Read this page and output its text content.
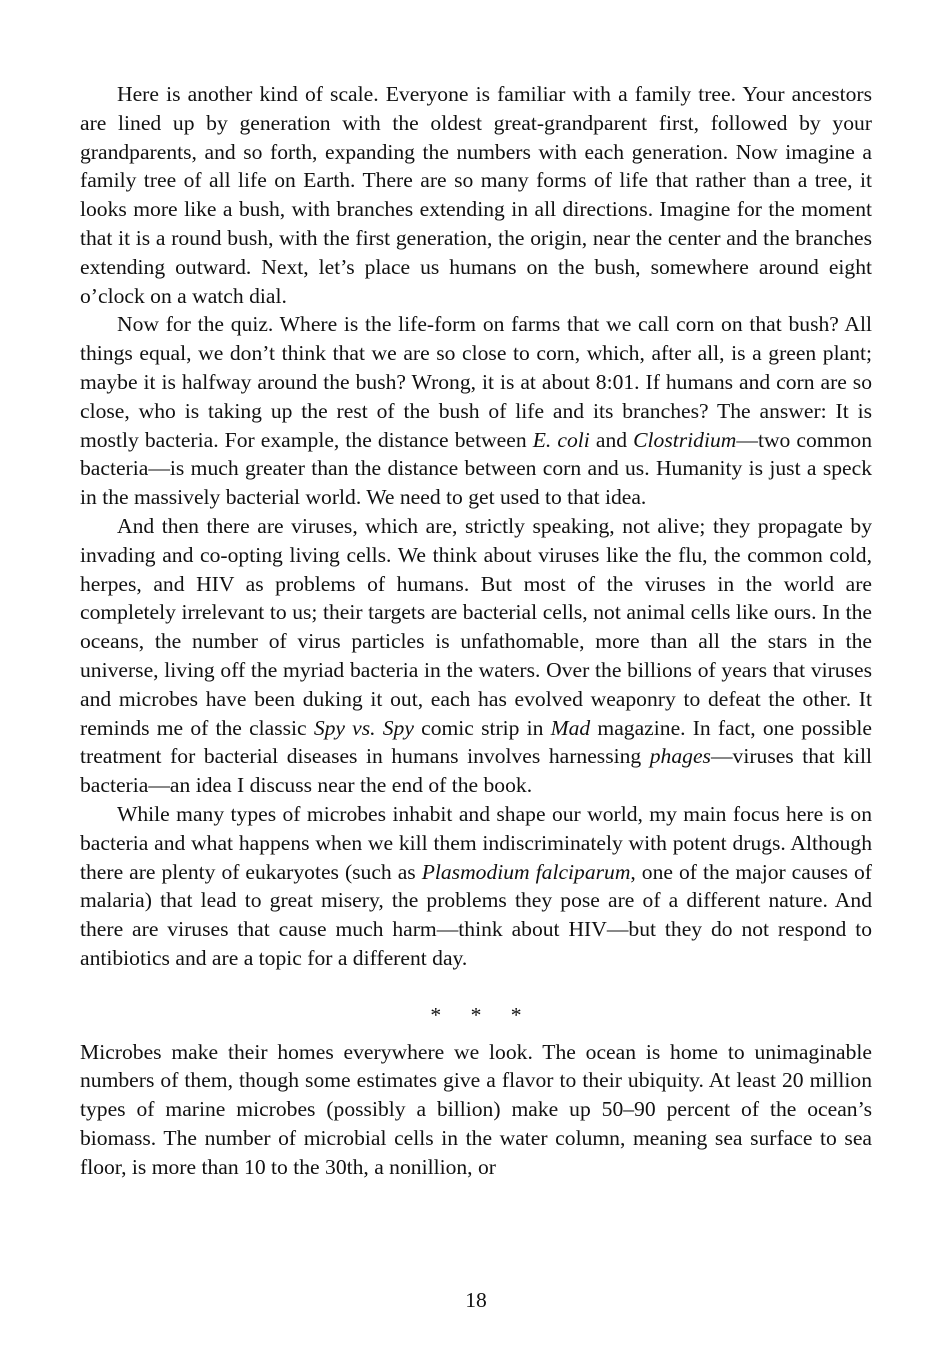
Here is another kind of scale. Everyone is familiar with a family tree. Your ancestors are lined up by generation with the oldest great-grandparent first, followed by your grandparents, and so forth, expanding the numbers with each generation. Now imagine a family tree of all life on Earth. There are so many forms of life that rather than a tree, it looks more like a bush, with branches extending in all directions. Imagine for the moment that it is a round bush, with the first generation, the origin, near the center and the branches extending outward. Next, let’s place us humans on the bush, somewhere around eight o’clock on a watch dial.

Now for the quiz. Where is the life-form on farms that we call corn on that bush? All things equal, we don’t think that we are so close to corn, which, after all, is a green plant; maybe it is halfway around the bush? Wrong, it is at about 8:01. If humans and corn are so close, who is taking up the rest of the bush of life and its branches? The answer: It is mostly bacteria. For example, the distance between E. coli and Clostridium—two common bacteria—is much greater than the distance between corn and us. Humanity is just a speck in the massively bacterial world. We need to get used to that idea.

And then there are viruses, which are, strictly speaking, not alive; they propagate by invading and co-opting living cells. We think about viruses like the flu, the common cold, herpes, and HIV as problems of humans. But most of the viruses in the world are completely irrelevant to us; their targets are bacterial cells, not animal cells like ours. In the oceans, the number of virus particles is unfathomable, more than all the stars in the universe, living off the myriad bacteria in the waters. Over the billions of years that viruses and microbes have been duking it out, each has evolved weaponry to defeat the other. It reminds me of the classic Spy vs. Spy comic strip in Mad magazine. In fact, one possible treatment for bacterial diseases in humans involves harnessing phages—viruses that kill bacteria—an idea I discuss near the end of the book.

While many types of microbes inhabit and shape our world, my main focus here is on bacteria and what happens when we kill them indiscriminately with potent drugs. Although there are plenty of eukaryotes (such as Plasmodium falciparum, one of the major causes of malaria) that lead to great misery, the problems they pose are of a different nature. And there are viruses that cause much harm—think about HIV—but they do not respond to antibiotics and are a topic for a different day.

* * *

Microbes make their homes everywhere we look. The ocean is home to unimaginable numbers of them, though some estimates give a flavor to their ubiquity. At least 20 million types of marine microbes (possibly a billion) make up 50–90 percent of the ocean’s biomass. The number of microbial cells in the water column, meaning sea surface to sea floor, is more than 10 to the 30th, a nonillion, or

18
